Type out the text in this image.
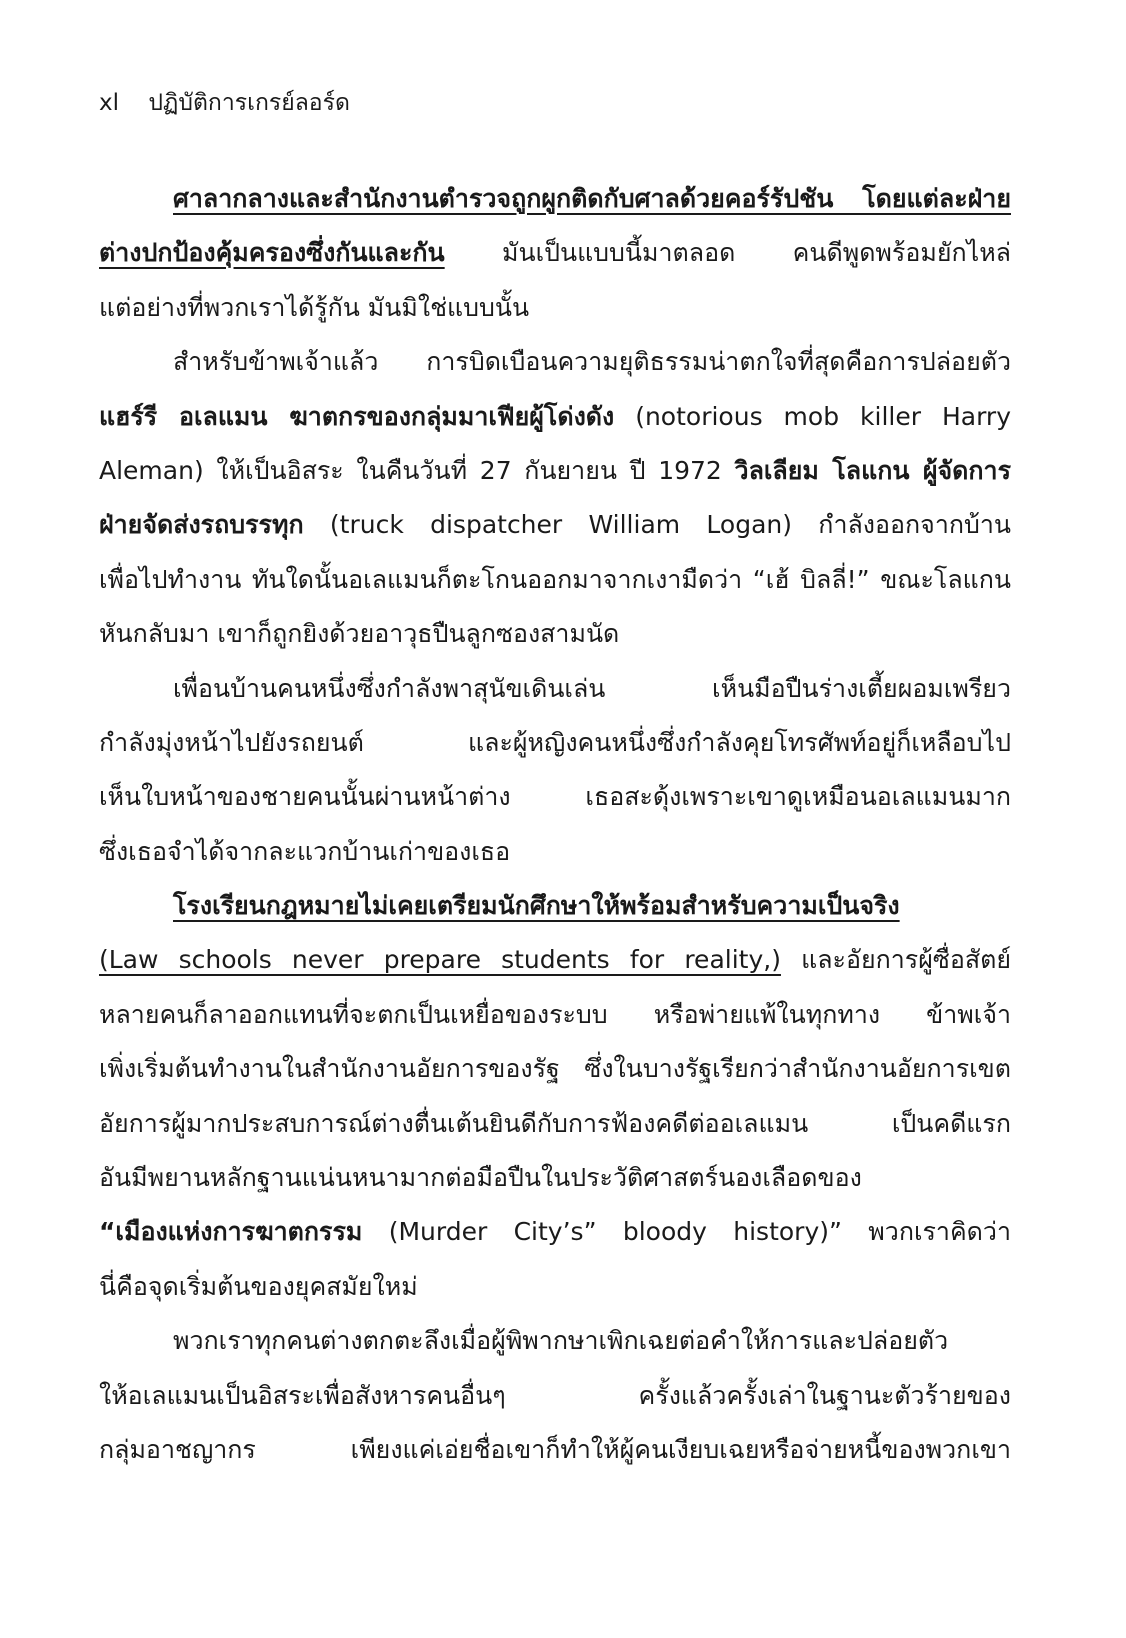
xl ปฏิบัติการเกรย์ลอร์ด
ศาลากลางและสำนักงานตำรวจถูกผูกติดกับศาลด้วยคอร์รัปชัน โดยแต่ละฝ่าย
ต่างปกป้องคุ้มครองซึ่งกันและกัน มันเป็นแบบนี้มาตลอด คนดีพูดพร้อมยักไหล่
แต่อย่างที่พวกเราได้รู้กัน มันมิใช่แบบนั้น
สำหรับข้าพเจ้าแล้ว การบิดเบือนความยุติธรรมน่าตกใจที่สุดคือการปล่อยตัว
แฮร์รี อเลแมน ฆาตกรของกลุ่มมาเฟียผู้โด่งดัง (notorious mob killer Harry
Aleman) ให้เป็นอิสระ ในคืนวันที่ 27 กันยายน ปี 1972 วิลเลียม โลแกน ผู้จัดการ
ฝ่ายจัดส่งรถบรรทุก (truck dispatcher William Logan) กำลังออกจากบ้าน
เพื่อไปทำงาน ทันใดนั้นอเลแมนก็ตะโกนออกมาจากเงามืดว่า “เฮ้ บิลลี่!” ขณะโลแกน
หันกลับมา เขาก็ถูกยิงด้วยอาวุธปืนลูกซองสามนัด
เพื่อนบ้านคนหนึ่งซึ่งกำลังพาสุนัขเดินเล่น เห็นมือปืนร่างเตี้ยผอมเพรียว
กำลังมุ่งหน้าไปยังรถยนต์ และผู้หญิงคนหนึ่งซึ่งกำลังคุยโทรศัพท์อยู่ก็เหลือบไป
เห็นใบหน้าของชายคนนั้นผ่านหน้าต่าง เธอสะดุ้งเพราะเขาดูเหมือนอเลแมนมาก
ซึ่งเธอจำได้จากละแวกบ้านเก่าของเธอ
โรงเรียนกฎหมายไม่เคยเตรียมนักศึกษาให้พร้อมสำหรับความเป็นจริง
(Law schools never prepare students for reality,) และอัยการผู้ซื่อสัตย์
หลายคนก็ลาออกแทนที่จะตกเป็นเหยื่อของระบบ หรือพ่ายแพ้ในทุกทาง ข้าพเจ้า
เพิ่งเริ่มต้นทำงานในสำนักงานอัยการของรัฐ ซึ่งในบางรัฐเรียกว่าสำนักงานอัยการเขต
อัยการผู้มากประสบการณ์ต่างตื่นเต้นยินดีกับการฟ้องคดีต่ออเลแมน เป็นคดีแรก
อันมีพยานหลักฐานแน่นหนามากต่อมือปืนในประวัติศาสตร์นองเลือดของ
“เมืองแห่งการฆาตกรรม (Murder City’s” bloody history)” พวกเราคิดว่า
นี่คือจุดเริ่มต้นของยุคสมัยใหม่
พวกเราทุกคนต่างตกตะลึงเมื่อผู้พิพากษาเพิกเฉยต่อคำให้การและปล่อยตัว
ให้อเลแมนเป็นอิสระเพื่อสังหารคนอื่นๆ ครั้งแล้วครั้งเล่าในฐานะตัวร้ายของ
กลุ่มอาชญากร เพียงแค่เอ่ยชื่อเขาก็ทำให้ผู้คนเงียบเฉยหรือจ่ายหนี้ของพวกเขา
